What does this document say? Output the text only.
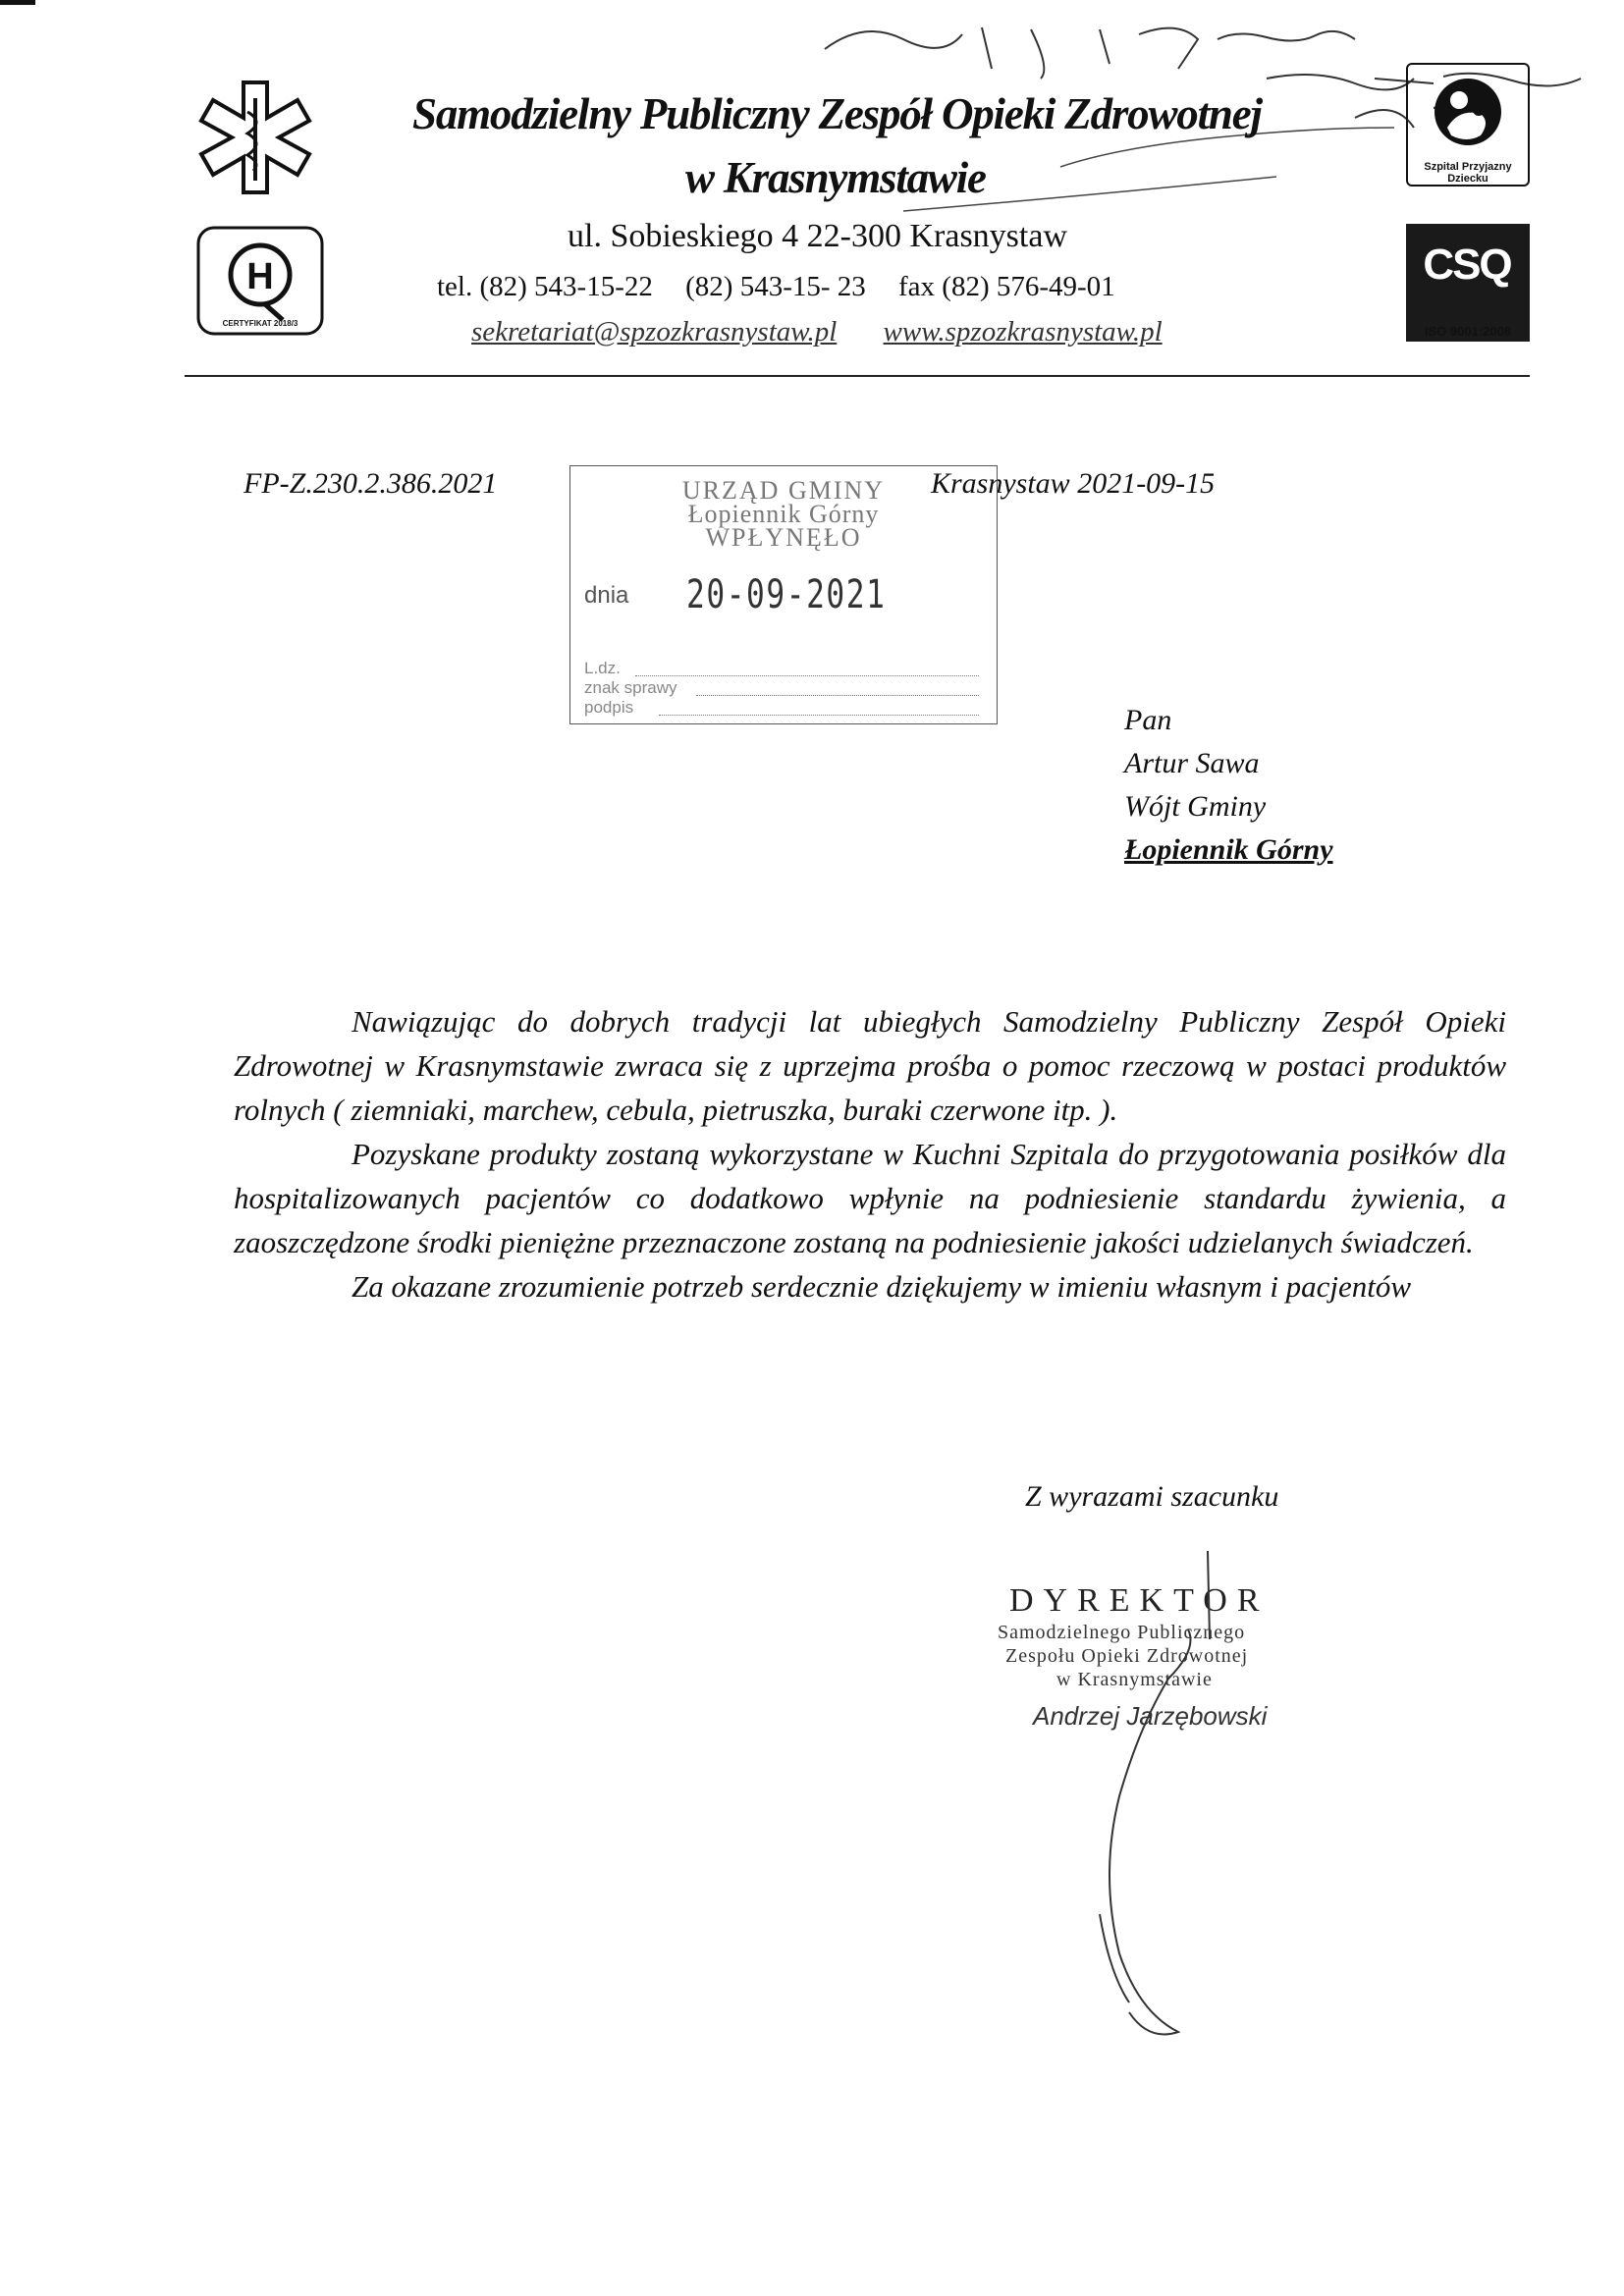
H
CERTYFIKAT 2018/3
Szpital Przyjazny Dziecku
CSQ
ISO 9001:2008
Samodzielny Publiczny Zespół Opieki Zdrowotnej
w Krasnymstawie
ul. Sobieskiego 4 22-300 Krasnystaw
tel. (82) 543-15-22 (82) 543-15- 23 fax (82) 576-49-01
sekretariat@spzozkrasnystaw.pl www.spzozkrasnystaw.pl
FP-Z.230.2.386.2021	Krasnystaw 2021-09-15
URZĄD GMINY
Łopiennik Górny
WPŁYNĘŁO
dnia 20-09-2021
L.dz.
znak sprawy
podpis	Pan
Artur Sawa
Wójt Gminy
Łopiennik Górny

Nawiązując do dobrych tradycji lat ubiegłych Samodzielny Publiczny Zespół Opieki Zdrowotnej w Krasnymstawie zwraca się z uprzejma prośba o pomoc rzeczową w postaci produktów rolnych ( ziemniaki, marchew, cebula, pietruszka, buraki czerwone itp. ).

Pozyskane produkty zostaną wykorzystane w Kuchni Szpitala do przygotowania posiłków dla hospitalizowanych pacjentów co dodatkowo wpłynie na podniesienie standardu żywienia, a zaoszczędzone środki pieniężne przeznaczone zostaną na podniesienie jakości udzielanych świadczeń.

Za okazane zrozumienie potrzeb serdecznie dziękujemy w imieniu własnym i pacjentów

Z wyrazami szacunku
DYREKTOR
Samodzielnego Publicznego
Zespołu Opieki Zdrowotnej
w Krasnymstawie
Andrzej Jarzębowski
